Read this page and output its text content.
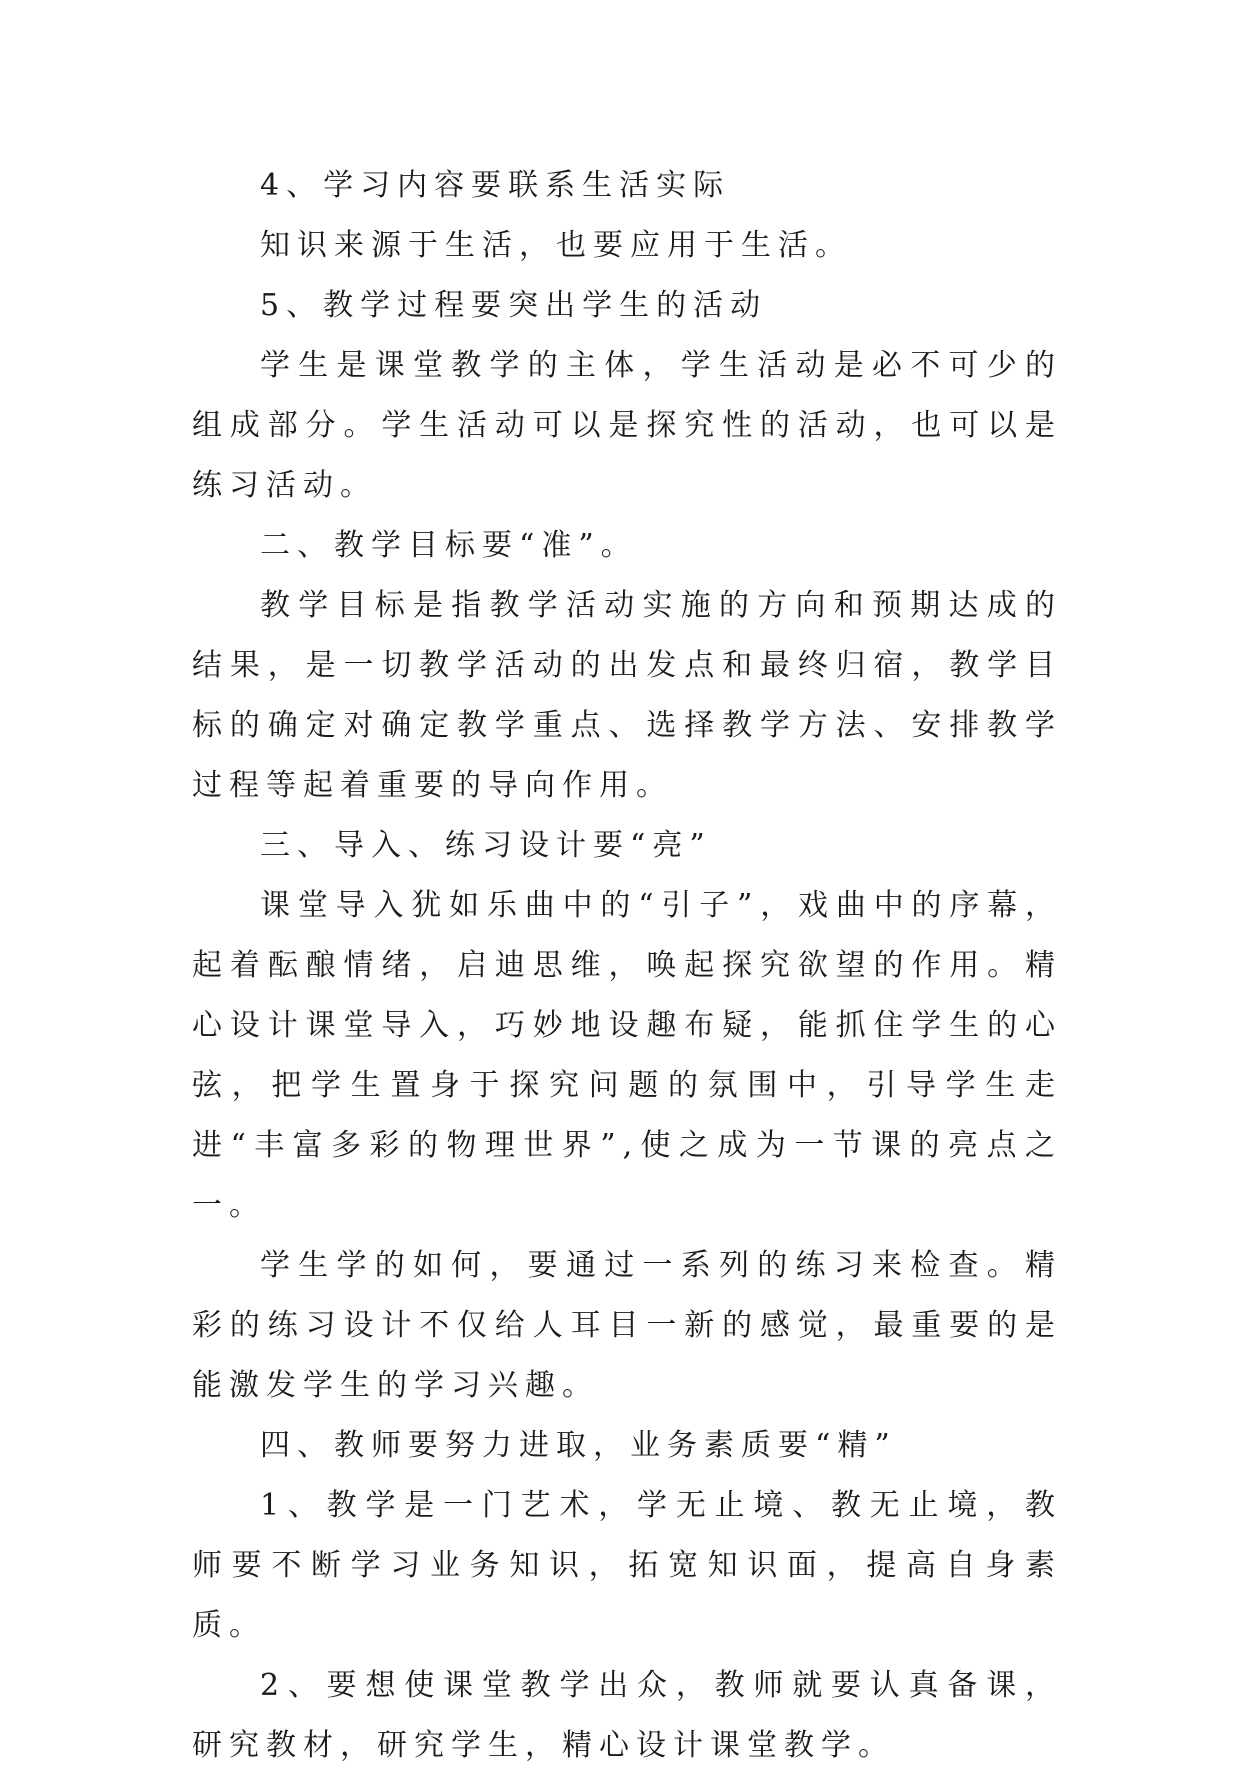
4、学习内容要联系生活实际

知识来源于生活，也要应用于生活。

5、教学过程要突出学生的活动

学生是课堂教学的主体，学生活动是必不可少的组成部分。学生活动可以是探究性的活动，也可以是练习活动。

二、教学目标要“准”。

教学目标是指教学活动实施的方向和预期达成的结果，是一切教学活动的出发点和最终归宿，教学目标的确定对确定教学重点、选择教学方法、安排教学过程等起着重要的导向作用。

三、导入、练习设计要“亮”

课堂导入犹如乐曲中的“引子”，戏曲中的序幕，起着酝酿情绪，启迪思维，唤起探究欲望的作用。精心设计课堂导入，巧妙地设趣布疑，能抓住学生的心弦，把学生置身于探究问题的氛围中，引导学生走进“丰富多彩的物理世界”,使之成为一节课的亮点之一。

学生学的如何，要通过一系列的练习来检查。精彩的练习设计不仅给人耳目一新的感觉，最重要的是能激发学生的学习兴趣。

四、教师要努力进取，业务素质要“精”

1、教学是一门艺术，学无止境、教无止境，教师要不断学习业务知识，拓宽知识面，提高自身素质。

2、要想使课堂教学出众，教师就要认真备课，研究教材，研究学生，精心设计课堂教学。
